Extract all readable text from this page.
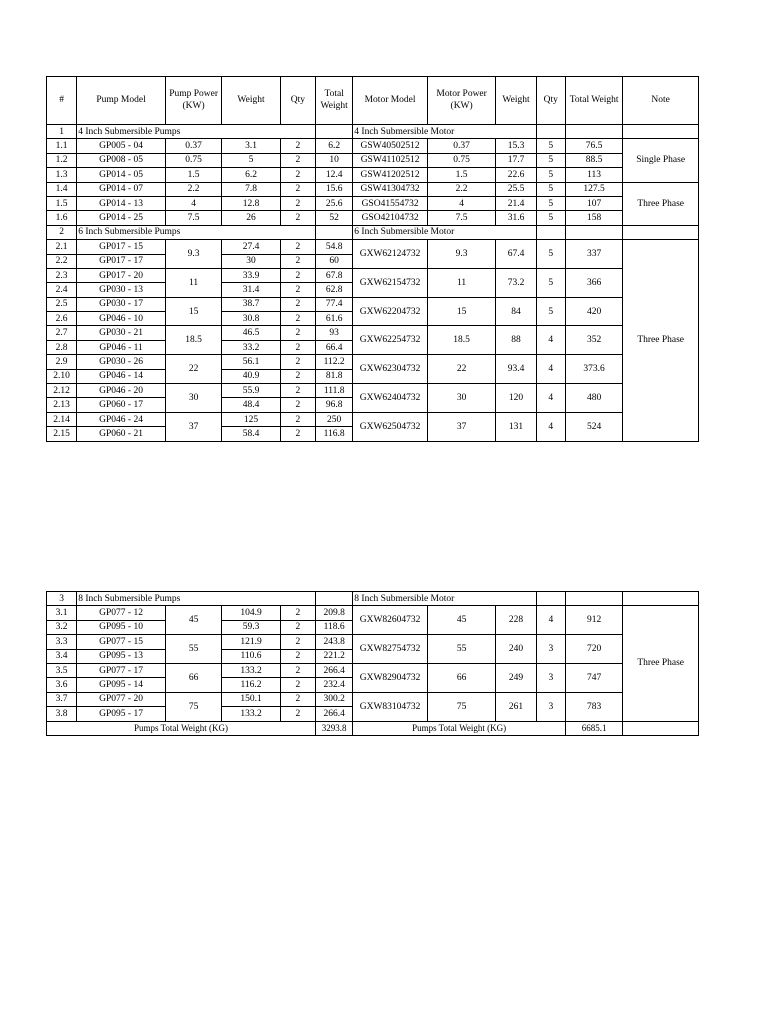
#	Pump Model	Pump Power (KW)	Weight	Qty	Total Weight	Motor Model	Motor Power (KW)	Weight	Qty	Total Weight	Note
1	4 Inch Submersible Pumps					4 Inch Submersible Motor					
1.1	GP005 - 04	0.37	3.1	2	6.2	GSW40502512	0.37	15.3	5	76.5	Single Phase
1.2	GP008 - 05	0.75	5	2	10	GSW41102512	0.75	17.7	5	88.5	
1.3	GP014 - 05	1.5	6.2	2	12.4	GSW41202512	1.5	22.6	5	113	
1.4	GP014 - 07	2.2	7.8	2	15.6	GSW41304732	2.2	25.5	5	127.5	Three Phase
1.5	GP014 - 13	4	12.8	2	25.6	GSO41554732	4	21.4	5	107	
1.6	GP014 - 25	7.5	26	2	52	GSO42104732	7.5	31.6	5	158	
2	6 Inch Submersible Pumps					6 Inch Submersible Motor					
2.1	GP017 - 15	9.3	27.4	2	54.8	GXW62124732	9.3	67.4	5	337	Three Phase
2.2	GP017 - 17		30	2	60						
2.3	GP017 - 20	11	33.9	2	67.8	GXW62154732	11	73.2	5	366	
2.4	GP030 - 13		31.4	2	62.8						
2.5	GP030 - 17	15	38.7	2	77.4	GXW62204732	15	84	5	420	
2.6	GP046 - 10		30.8	2	61.6						
2.7	GP030 - 21	18.5	46.5	2	93	GXW62254732	18.5	88	4	352	
2.8	GP046 - 11		33.2	2	66.4						
2.9	GP030 - 26	22	56.1	2	112.2	GXW62304732	22	93.4	4	373.6	
2.10	GP046 - 14		40.9	2	81.8						
2.12	GP046 - 20	30	55.9	2	111.8	GXW62404732	30	120	4	480	
2.13	GP060 - 17		48.4	2	96.8						
2.14	GP046 - 24	37	125	2	250	GXW62504732	37	131	4	524	
2.15	GP060 - 21		58.4	2	116.8						
3	8 Inch Submersible Pumps					8 Inch Submersible Motor					
3.1	GP077 - 12	45	104.9	2	209.8	GXW82604732	45	228	4	912	Three Phase
3.2	GP095 - 10		59.3	2	118.6						
3.3	GP077 - 15	55	121.9	2	243.8	GXW82754732	55	240	3	720	
3.4	GP095 - 13		110.6	2	221.2						
3.5	GP077 - 17	66	133.2	2	266.4	GXW82904732	66	249	3	747	
3.6	GP095 - 14		116.2	2	232.4						
3.7	GP077 - 20	75	150.1	2	300.2	GXW83104732	75	261	3	783	
3.8	GP095 - 17		133.2	2	266.4						
Pumps Total Weight (KG)					3293.8	Pumps Total Weight (KG)				6685.1	
